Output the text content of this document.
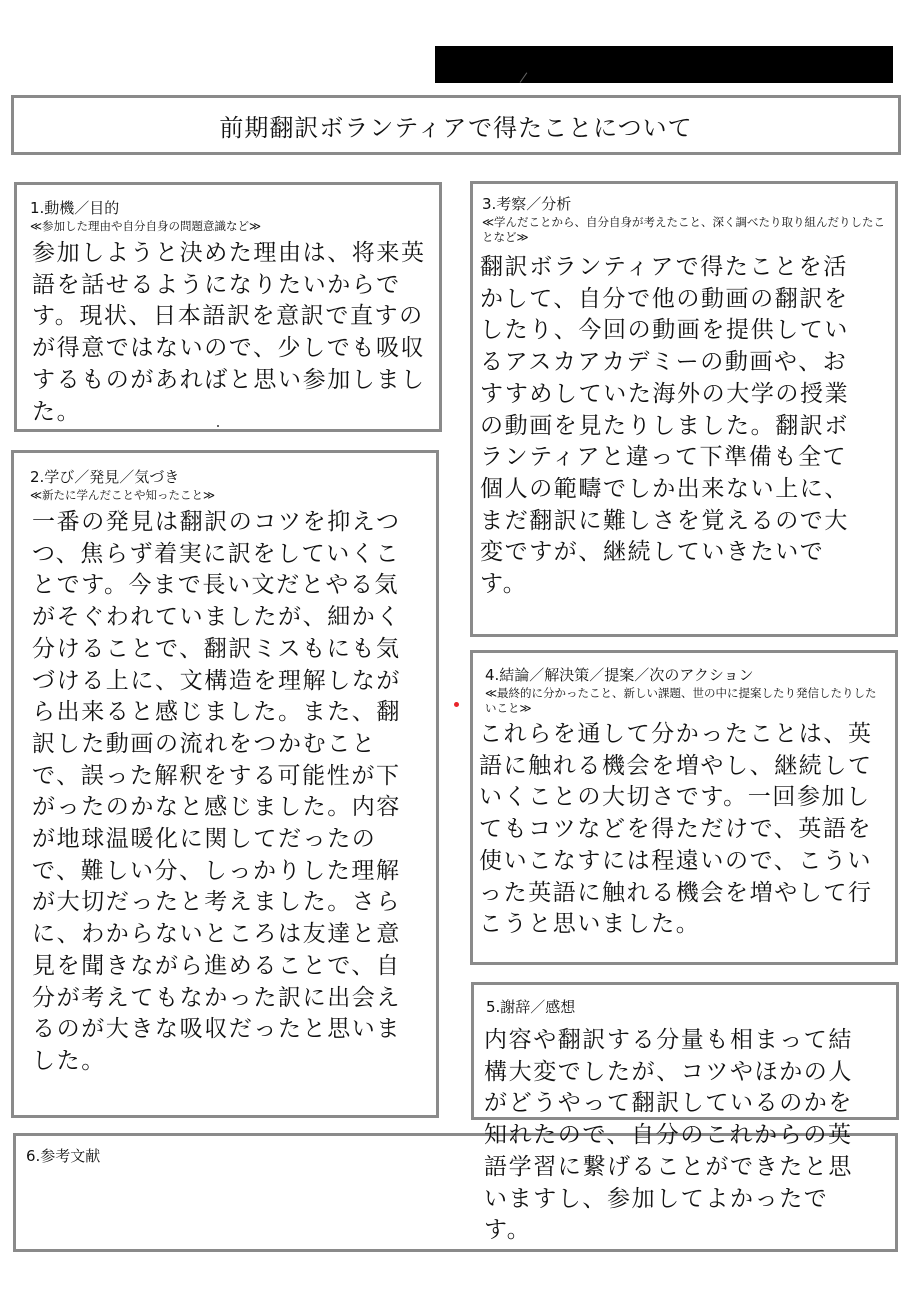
前期翻訳ボランティアで得たことについて
1.動機／目的
≪参加した理由や自分自身の問題意識など≫
参加しようと決めた理由は、将来英語を話せるようになりたいからです。現状、日本語訳を意訳で直すのが得意ではないので、少しでも吸収するものがあればと思い参加しました。
2.学び／発見／気づき
≪新たに学んだことや知ったこと≫
一番の発見は翻訳のコツを抑えつつ、焦らず着実に訳をしていくことです。今まで長い文だとやる気がそぐわれていましたが、細かく分けることで、翻訳ミスもにも気づける上に、文構造を理解しながら出来ると感じました。また、翻訳した動画の流れをつかむことで、誤った解釈をする可能性が下がったのかなと感じました。内容が地球温暖化に関してだったので、難しい分、しっかりした理解が大切だったと考えました。さらに、わからないところは友達と意見を聞きながら進めることで、自分が考えてもなかった訳に出会えるのが大きな吸収だったと思いました。
3.考察／分析
≪学んだことから、自分自身が考えたこと、深く調べたり取り組んだりしたことなど≫
翻訳ボランティアで得たことを活かして、自分で他の動画の翻訳をしたり、今回の動画を提供しているアスカアカデミーの動画や、おすすめしていた海外の大学の授業の動画を見たりしました。翻訳ボランティアと違って下準備も全て個人の範疇でしか出来ない上に、まだ翻訳に難しさを覚えるので大変ですが、継続していきたいです。
4.結論／解決策／提案／次のアクション
≪最終的に分かったこと、新しい課題、世の中に提案したり発信したりしたいこと≫
これらを通して分かったことは、英語に触れる機会を増やし、継続していくことの大切さです。一回参加してもコツなどを得ただけで、英語を使いこなすには程遠いので、こういった英語に触れる機会を増やして行こうと思いました。
5.謝辞／感想
6.参考文献
内容や翻訳する分量も相まって結構大変でしたが、コツやほかの人がどうやって翻訳しているのかを知れたので、自分のこれからの英語学習に繋げることができたと思いますし、参加してよかったです。
